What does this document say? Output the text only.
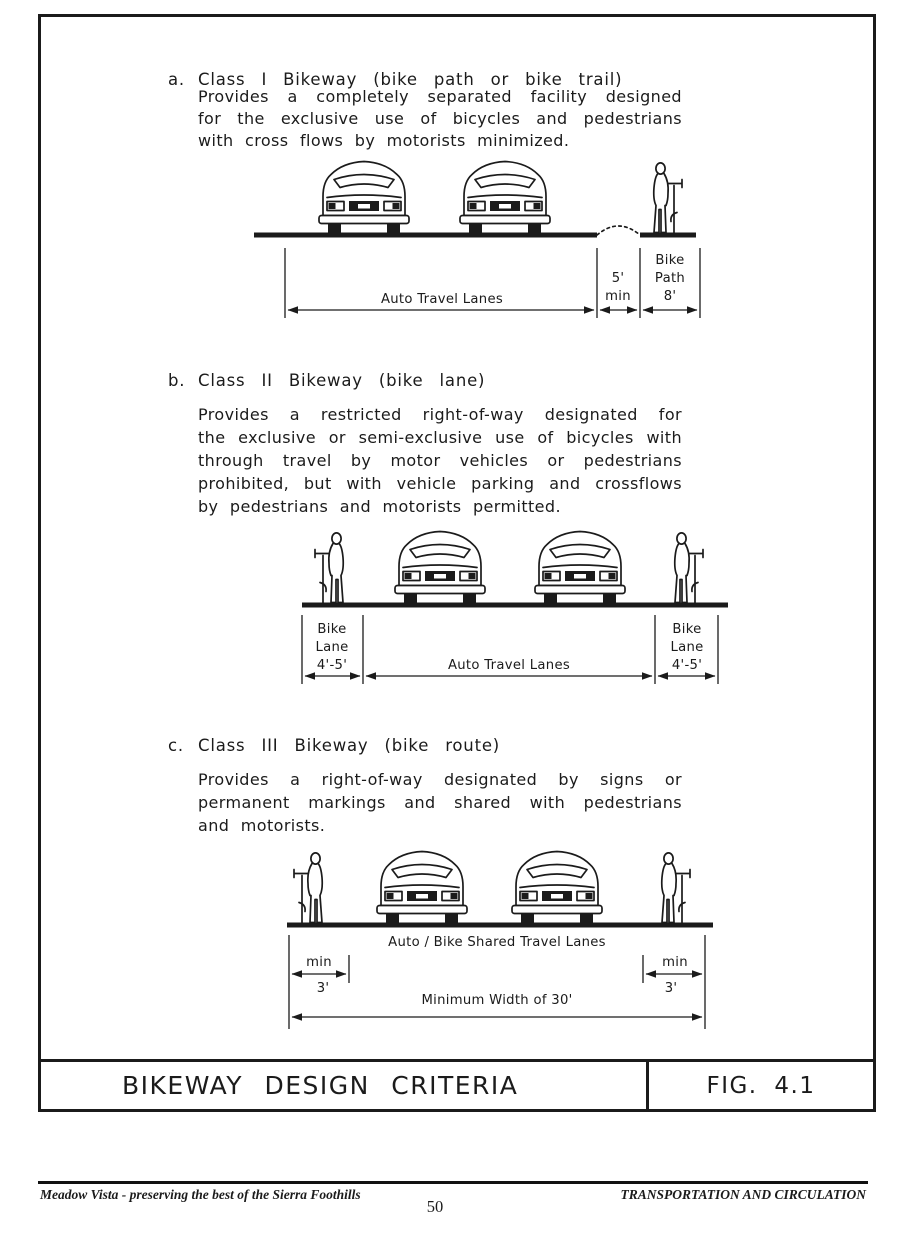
a. Class I Bikeway (bike path or bike trail)
Provides a completely separated facility designed
for the exclusive use of bicycles and pedestrians
with cross flows by motorists minimized.
Auto Travel Lanes
5'
min
Bike
Path
8'
b. Class II Bikeway (bike lane)
Provides a restricted right-of-way designated for
the exclusive or semi-exclusive use of bicycles with
through travel by motor vehicles or pedestrians
prohibited, but with vehicle parking and crossflows
by pedestrians and motorists permitted.
Bike
Lane
4'-5'	Auto Travel Lanes
Bike
Lane
4'-5'
c. Class III Bikeway (bike route)
Provides a right-of-way designated by signs or
permanent markings and shared with pedestrians
and motorists.
Auto / Bike Shared Travel Lanes
min
3'
min
3'
Minimum Width of 30'
BIKEWAY DESIGN CRITERIA	FIG. 4.1
Meadow Vista - preserving the best of the Sierra Foothills	TRANSPORTATION AND CIRCULATION
50
